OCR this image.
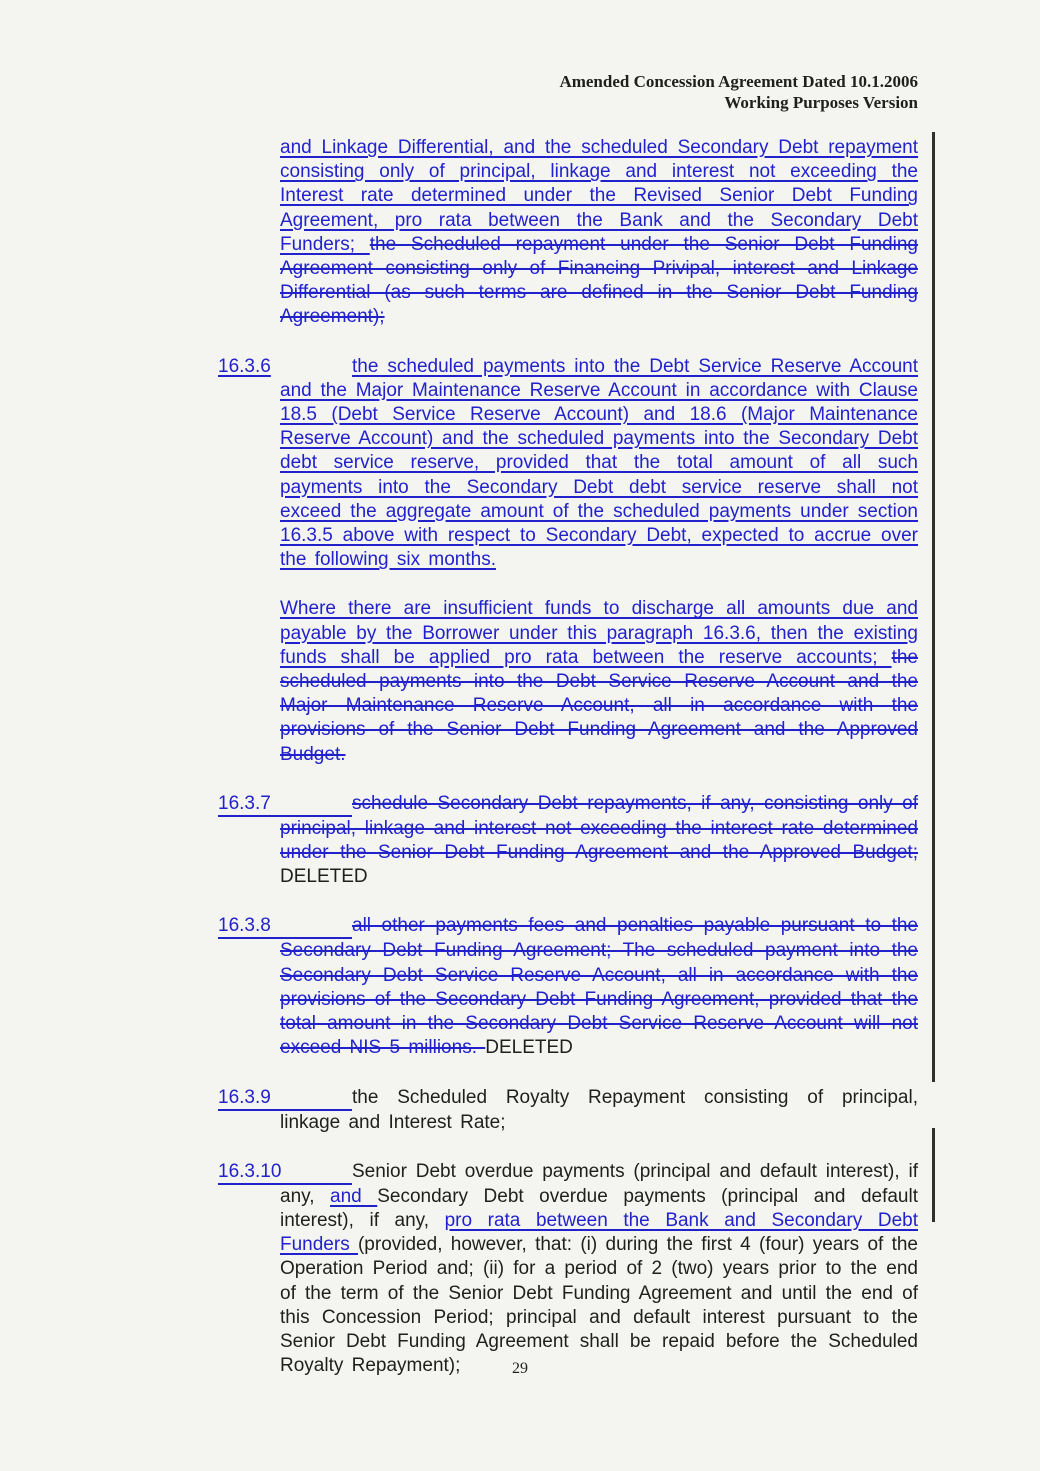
Amended Concession Agreement Dated 10.1.2006
Working Purposes Version
and Linkage Differential, and the scheduled Secondary Debt repayment consisting only of principal, linkage and interest not exceeding the Interest rate determined under the Revised Senior Debt Funding Agreement, pro rata between the Bank and the Secondary Debt Funders; the Scheduled repayment under the Senior Debt Funding Agreement consisting only of Financing Privipal, interest and Linkage Differential (as such terms are defined in the Senior Debt Funding Agreement);
16.3.6	the scheduled payments into the Debt Service Reserve Account and the Major Maintenance Reserve Account in accordance with Clause 18.5 (Debt Service Reserve Account) and 18.6 (Major Maintenance Reserve Account) and the scheduled payments into the Secondary Debt debt service reserve, provided that the total amount of all such payments into the Secondary Debt debt service reserve shall not exceed the aggregate amount of the scheduled payments under section 16.3.5 above with respect to Secondary Debt, expected to accrue over the following six months.
Where there are insufficient funds to discharge all amounts due and payable by the Borrower under this paragraph 16.3.6, then the existing funds shall be applied pro rata between the reserve accounts; the scheduled payments into the Debt Service Reserve Account and the Major Maintenance Reserve Account, all in accordance with the provisions of the Senior Debt Funding Agreement and the Approved Budget.
16.3.7	schedule Secondary Debt repayments, if any, consisting only of principal, linkage and interest not exceeding the interest rate determined under the Senior Debt Funding Agreement and the Approved Budget; DELETED
16.3.8	all other payments fees and penalties payable pursuant to the Secondary Debt Funding Agreement; The scheduled payment into the Secondary Debt Service Reserve Account, all in accordance with the provisions of the Secondary Debt Funding Agreement, provided that the total amount in the Secondary Debt Service Reserve Account will not exceed NIS 5 millions. DELETED
16.3.9	the Scheduled Royalty Repayment consisting of principal, linkage and Interest Rate;
16.3.10	Senior Debt overdue payments (principal and default interest), if any, and Secondary Debt overdue payments (principal and default interest), if any, pro rata between the Bank and Secondary Debt Funders (provided, however, that: (i) during the first 4 (four) years of the Operation Period and; (ii) for a period of 2 (two) years prior to the end of the term of the Senior Debt Funding Agreement and until the end of this Concession Period; principal and default interest pursuant to the Senior Debt Funding Agreement shall be repaid before the Scheduled Royalty Repayment);	29
